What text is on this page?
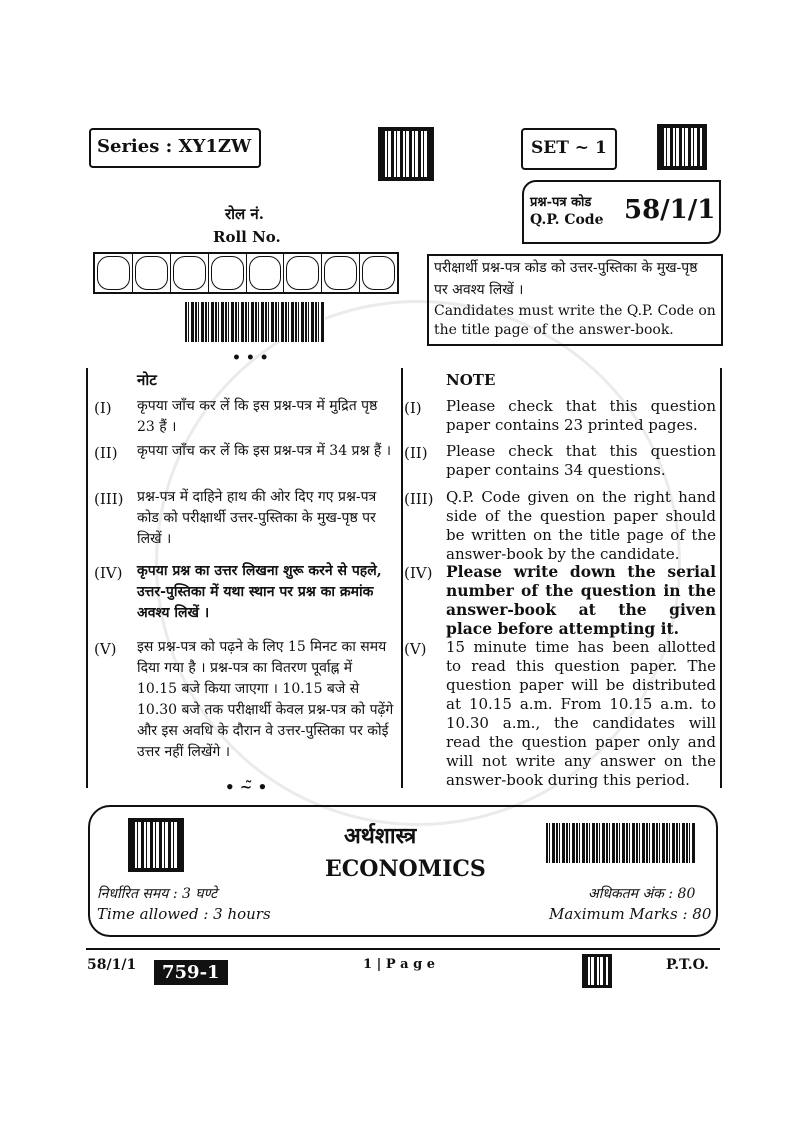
Series : XY1ZW	SET ~ 1
प्रश्न-पत्र कोड
Q.P. Code 58/1/1
रोल नं.
Roll No.
• • •
परीक्षार्थी प्रश्न-पत्र कोड को उत्तर-पुस्तिका के मुख-पृष्ठ पर अवश्य लिखें ।
Candidates must write the Q.P. Code on the title page of the answer-book.
नोट	NOTE
(I) कृपया जाँच कर लें कि इस प्रश्न-पत्र में मुद्रित पृष्ठ 23 हैं ।
(I) Please check that this question paper contains 23 printed pages.
(II) कृपया जाँच कर लें कि इस प्रश्न-पत्र में 34 प्रश्न हैं । (II) Please check that this question paper contains 34 questions.
(III) प्रश्न-पत्र में दाहिने हाथ की ओर दिए गए प्रश्न-पत्र कोड को परीक्षार्थी उत्तर-पुस्तिका के मुख-पृष्ठ पर लिखें ।
(III) Q.P. Code given on the right hand side of the question paper should be written on the title page of the answer-book by the candidate.
(IV) कृपया प्रश्न का उत्तर लिखना शुरू करने से पहले, उत्तर-पुस्तिका में यथा स्थान पर प्रश्न का क्रमांक अवश्य लिखें ।
(IV) Please write down the serial number of the question in the answer-book at the given place before attempting it.
(V) इस प्रश्न-पत्र को पढ़ने के लिए 15 मिनट का समय दिया गया है । प्रश्न-पत्र का वितरण पूर्वाह्न में 10.15 बजे किया जाएगा । 10.15 बजे से 10.30 बजे तक परीक्षार्थी केवल प्रश्न-पत्र को पढ़ेंगे और इस अवधि के दौरान वे उत्तर-पुस्तिका पर कोई उत्तर नहीं लिखेंगे ।
(V) 15 minute time has been allotted to read this question paper. The question paper will be distributed at 10.15 a.m. From 10.15 a.m. to 10.30 a.m., the candidates will read the question paper only and will not write any answer on the answer-book during this period.
• ~̃ •
अर्थशास्त्र
ECONOMICS
निर्धारित समय : 3 घण्टे
Time allowed : 3 hours
अधिकतम अंक : 80
Maximum Marks : 80
58/1/1	759-1	1 | P a g e	P.T.O.
